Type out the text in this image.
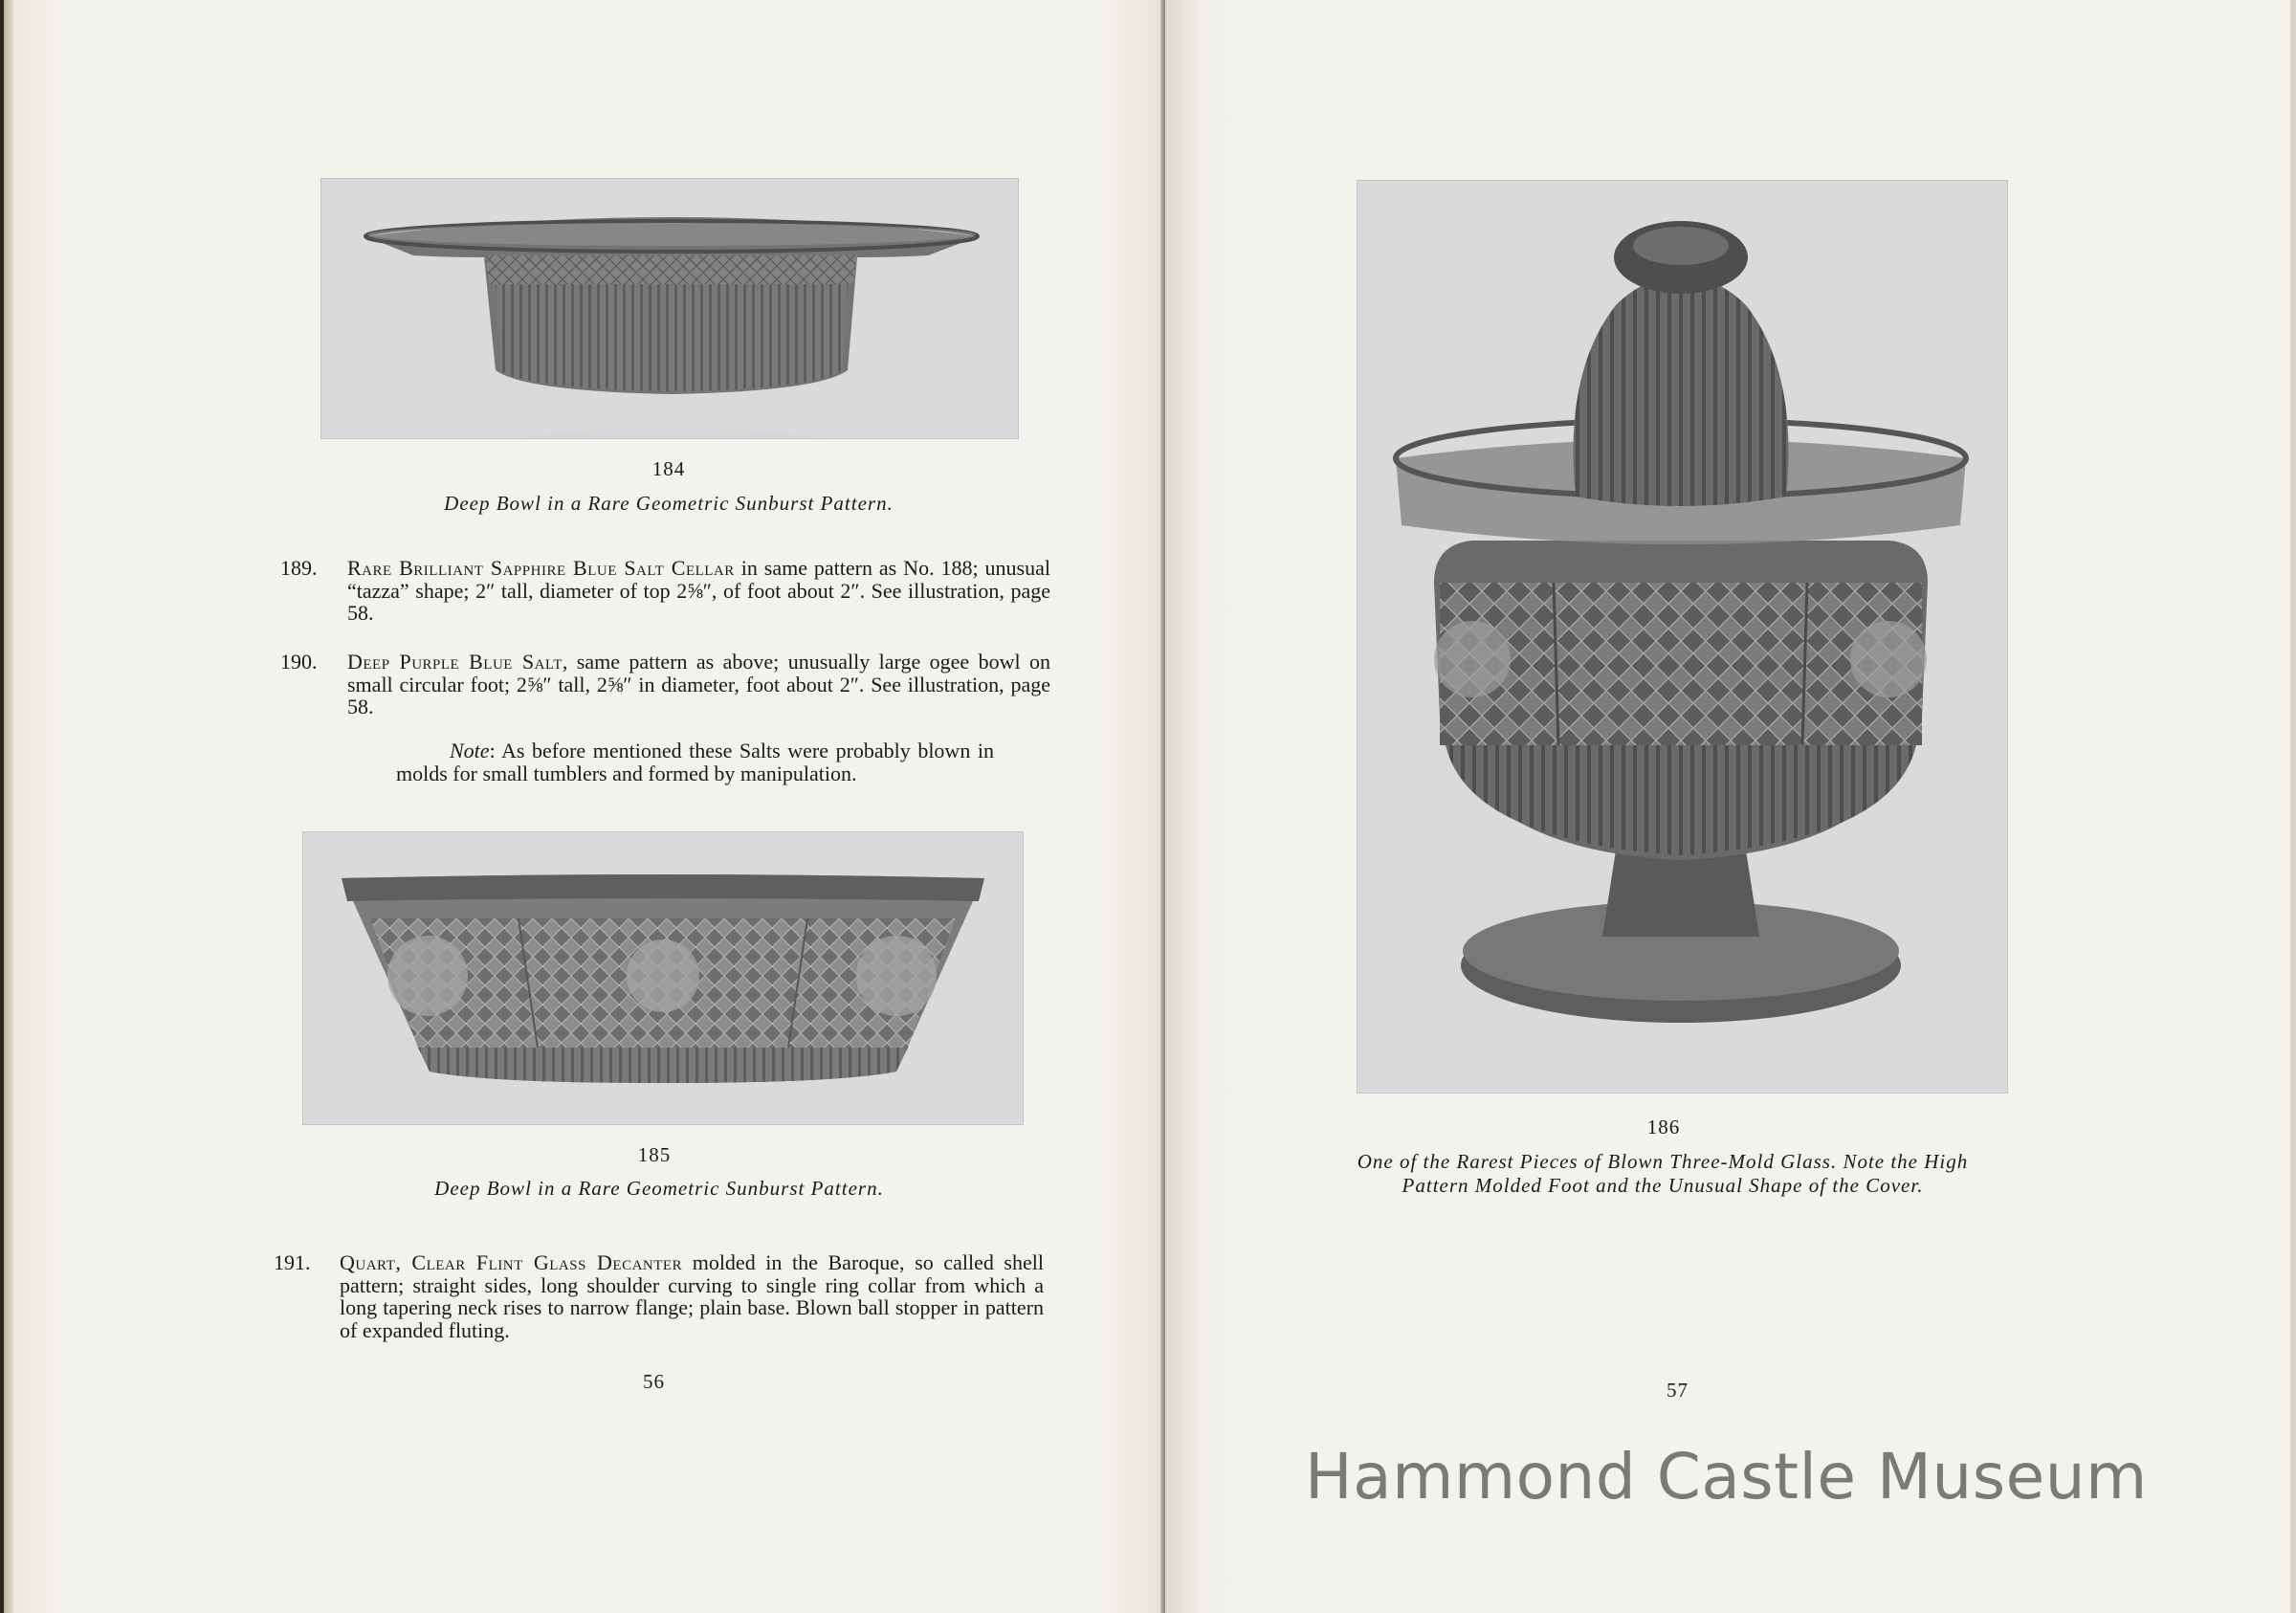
184
Deep Bowl in a Rare Geometric Sunburst Pattern.
189. Rare Brilliant Sapphire Blue Salt Cellar in same pattern as No. 188; unusual “tazza” shape; 2″ tall, diameter of top 2⅝″, of foot about 2″. See illustration, page 58.
190. Deep Purple Blue Salt, same pattern as above; unusually large ogee bowl on small circular foot; 2⅝″ tall, 2⅝″ in diameter, foot about 2″. See illustration, page 58.
Note: As before mentioned these Salts were probably blown in molds for small tumblers and formed by manipulation.
185
Deep Bowl in a Rare Geometric Sunburst Pattern.
191. Quart, Clear Flint Glass Decanter molded in the Baroque, so called shell pattern; straight sides, long shoulder curving to single ring collar from which a long tapering neck rises to narrow flange; plain base. Blown ball stopper in pattern of expanded fluting.
56
186
One of the Rarest Pieces of Blown Three-Mold Glass. Note the High
Pattern Molded Foot and the Unusual Shape of the Cover.
57
Hammond Castle Museum
